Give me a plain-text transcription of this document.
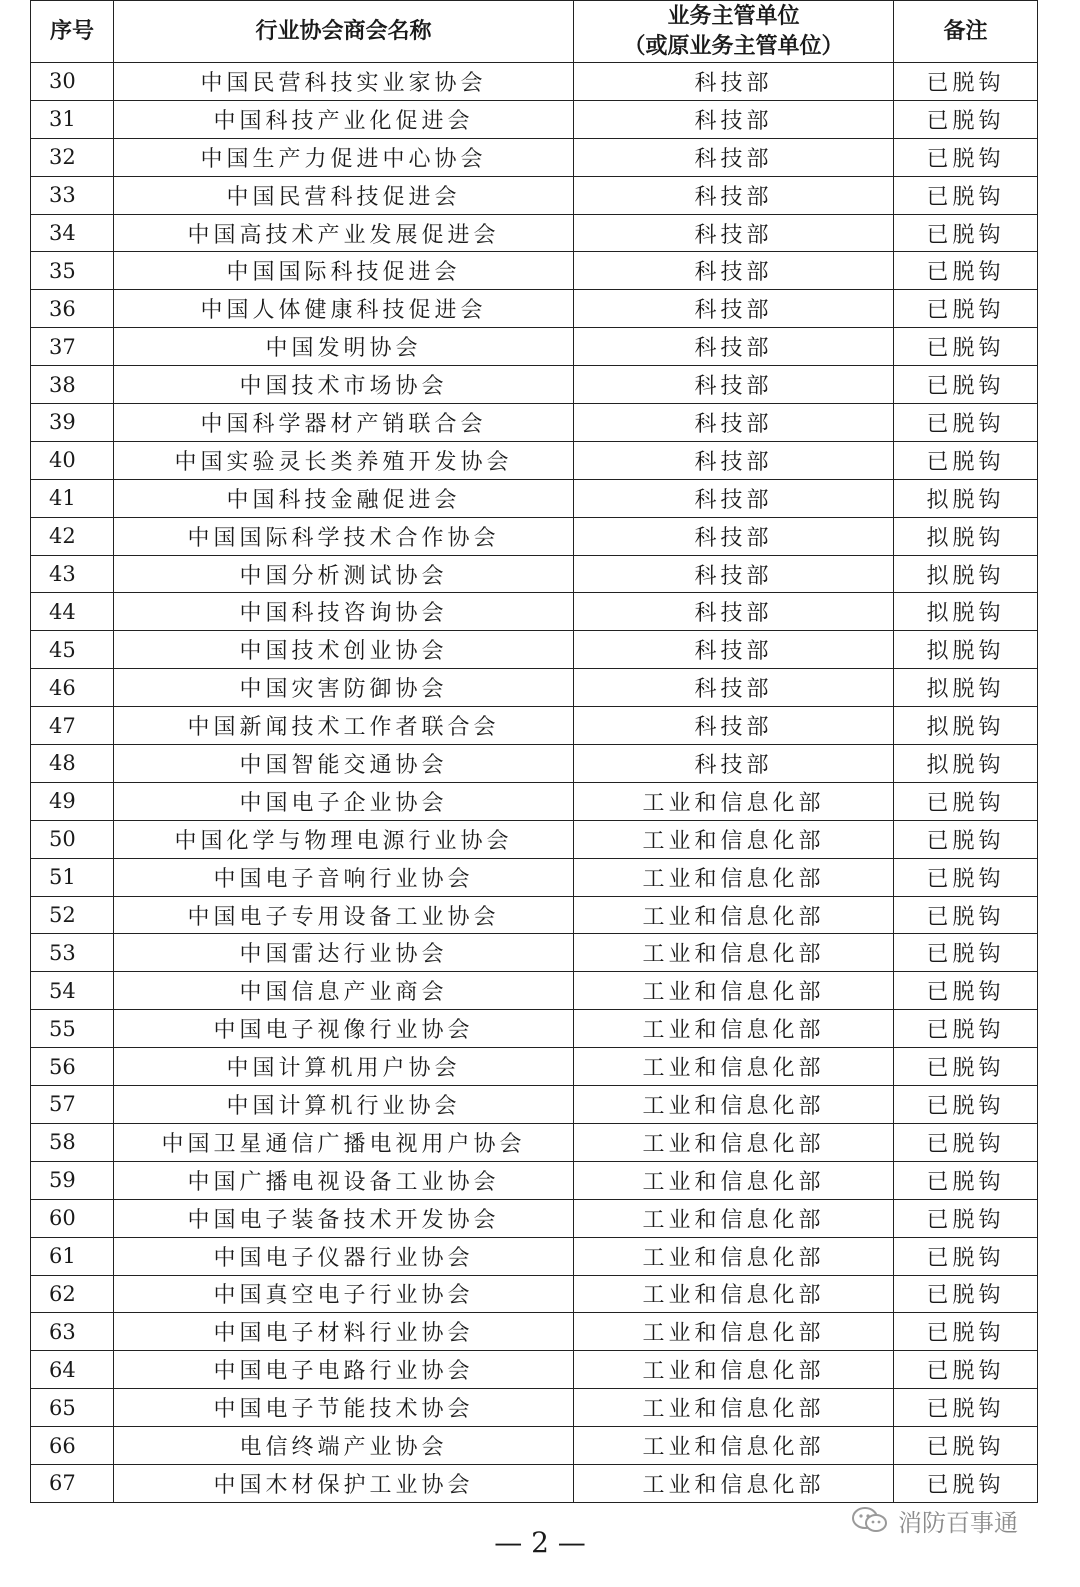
序号	行业协会商会名称	业务主管单位
（或原业务主管单位）	备注
30	中国民营科技实业家协会	科技部	已脱钩
31	中国科技产业化促进会	科技部	已脱钩
32	中国生产力促进中心协会	科技部	已脱钩
33	中国民营科技促进会	科技部	已脱钩
34	中国高技术产业发展促进会	科技部	已脱钩
35	中国国际科技促进会	科技部	已脱钩
36	中国人体健康科技促进会	科技部	已脱钩
37	中国发明协会	科技部	已脱钩
38	中国技术市场协会	科技部	已脱钩
39	中国科学器材产销联合会	科技部	已脱钩
40	中国实验灵长类养殖开发协会	科技部	已脱钩
41	中国科技金融促进会	科技部	拟脱钩
42	中国国际科学技术合作协会	科技部	拟脱钩
43	中国分析测试协会	科技部	拟脱钩
44	中国科技咨询协会	科技部	拟脱钩
45	中国技术创业协会	科技部	拟脱钩
46	中国灾害防御协会	科技部	拟脱钩
47	中国新闻技术工作者联合会	科技部	拟脱钩
48	中国智能交通协会	科技部	拟脱钩
49	中国电子企业协会	工业和信息化部	已脱钩
50	中国化学与物理电源行业协会	工业和信息化部	已脱钩
51	中国电子音响行业协会	工业和信息化部	已脱钩
52	中国电子专用设备工业协会	工业和信息化部	已脱钩
53	中国雷达行业协会	工业和信息化部	已脱钩
54	中国信息产业商会	工业和信息化部	已脱钩
55	中国电子视像行业协会	工业和信息化部	已脱钩
56	中国计算机用户协会	工业和信息化部	已脱钩
57	中国计算机行业协会	工业和信息化部	已脱钩
58	中国卫星通信广播电视用户协会	工业和信息化部	已脱钩
59	中国广播电视设备工业协会	工业和信息化部	已脱钩
60	中国电子装备技术开发协会	工业和信息化部	已脱钩
61	中国电子仪器行业协会	工业和信息化部	已脱钩
62	中国真空电子行业协会	工业和信息化部	已脱钩
63	中国电子材料行业协会	工业和信息化部	已脱钩
64	中国电子电路行业协会	工业和信息化部	已脱钩
65	中国电子节能技术协会	工业和信息化部	已脱钩
66	电信终端产业协会	工业和信息化部	已脱钩
67	中国木材保护工业协会	工业和信息化部	已脱钩
消防百事通
— 2 —
